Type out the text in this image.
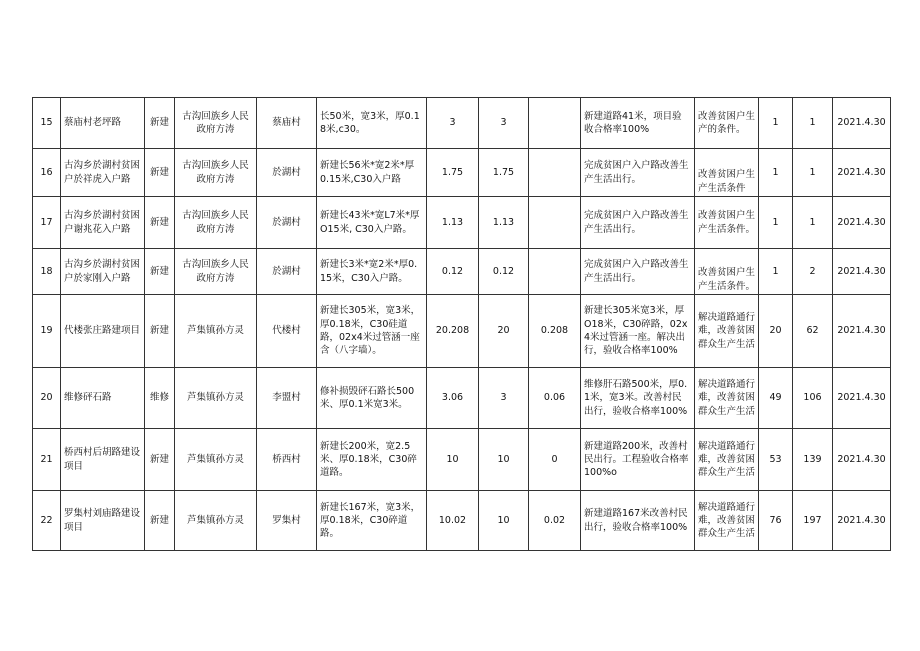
15	蔡庙村老坪路	新建	古沟回族乡人民政府方涛	蔡庙村	长50米，宽3米，厚0.18米,c30。	3	3		新建道路41米，项目验收合格率100%	改善贫困户生产的条件。	1	1	2021.4.30
16	古沟乡於湖村贫困户於祥虎入户路	新建	古沟回族乡人民政府方涛	於湖村	新建长56米*宽2米*厚0.15米,C30入户路	1.75	1.75		完成贫困户入户路改善生产生活出行。	改善贫困户生产生活条件	1	1	2021.4.30
17	古沟乡於湖村贫困户谢兆花入户路	新建	古沟回族乡人民政府方涛	於湖村	新建长43米*宽L7米*厚O15米, C30入户路。	1.13	1.13		完成贫困户入户路改善生产生活出行。	改善贫困户生产生活条件。	1	1	2021.4.30
18	古沟乡於湖村贫困户於家刚入户路	新建	古沟回族乡人民政府方涛	於湖村	新建长3米*宽2米*厚0.15米，C30入户路。	0.12	0.12		完成贫困户入户路改善生产生活出行。	改善贫困户生产生活条件。	1	2	2021.4.30
19	代楼张庄路建项目	新建	芦集镇孙方灵	代楼村	新建长305米，宽3米，厚0.18米，C30硅道路，02x4米过管涵一座含（八字墙）。	20.208	20	0.208	新建长305米宽3米，厚O18米，C30碎路，02x4米过管涵一座。解决出行，验收合格率100%	解决道路通行难，改善贫困群众生产生活	20	62	2021.4.30
20	维修砰石路	维修	芦集镇孙方灵	李盟村	修补损毁砰石路长500米、厚0.1米宽3米。	3.06	3	0.06	维修肝石路500米，厚0.1米，宽3米。改善村民出行，验收合格率100%	解决道路通行难，改善贫困群众生产生活	49	106	2021.4.30
21	桥西村后胡路建设项目	新建	芦集镇孙方灵	桥西村	新建长200米，宽2.5米、厚0.18米，C30碎道路。	10	10	0	新建道路200米，改善村民出行。工程验收合格率100%o	解决道路通行难，改善贫困群众生产生活	53	139	2021.4.30
22	罗集村刘庙路建设项目	新建	芦集镇孙方灵	罗集村	新建长167米，宽3米，厚0.18米，C30碎道路。	10.02	10	0.02	新建道路167米改善村民出行，验收合格率100%	解决道路通行难，改善贫困群众生产生活	76	197	2021.4.30
